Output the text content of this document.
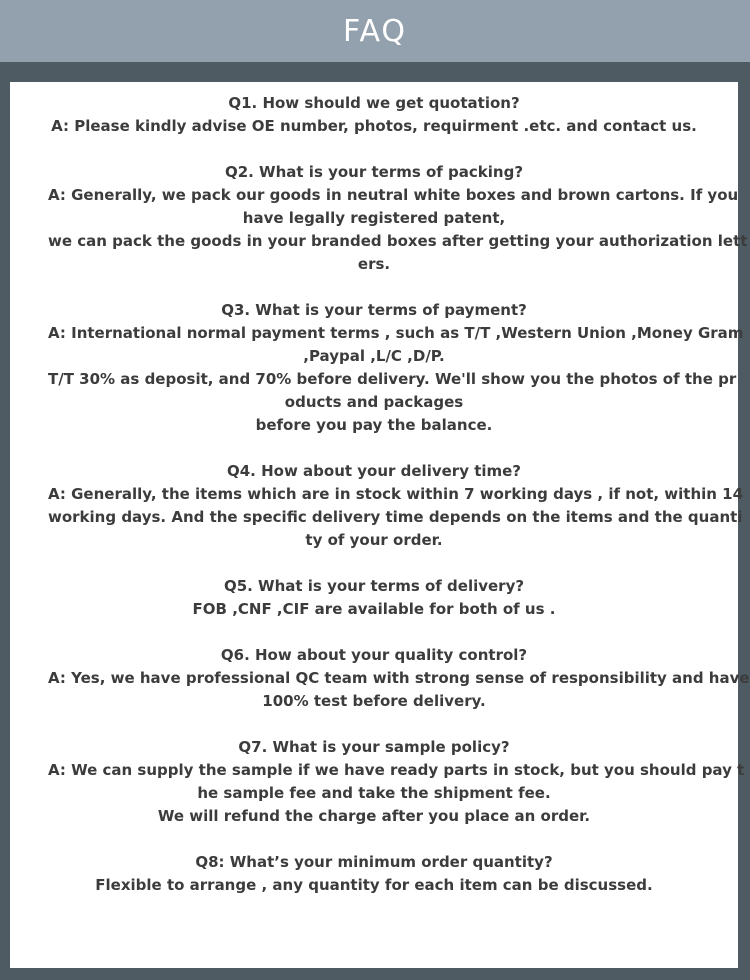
FAQ
Q1. How should we get quotation?
A: Please kindly advise OE number, photos, requirment .etc. and contact us.
Q2. What is your terms of packing?
A: Generally, we pack our goods in neutral white boxes and brown cartons. If you
have legally registered patent,
we can pack the goods in your branded boxes after getting your authorization lett
ers.
Q3. What is your terms of payment?
A: International normal payment terms , such as T/T ,Western Union ,Money Gram
,Paypal ,L/C ,D/P.
T/T 30% as deposit, and 70% before delivery. We'll show you the photos of the pr
oducts and packages
before you pay the balance.
Q4. How about your delivery time?
A: Generally, the items which are in stock within 7 working days , if not, within 14
working days. And the specific delivery time depends on the items and the quanti
ty of your order.
Q5. What is your terms of delivery?
FOB ,CNF ,CIF are available for both of us .
Q6. How about your quality control?
A: Yes, we have professional QC team with strong sense of responsibility and have
100% test before delivery.
Q7. What is your sample policy?
A: We can supply the sample if we have ready parts in stock, but you should pay t
he sample fee and take the shipment fee.
We will refund the charge after you place an order.
Q8: What’s your minimum order quantity?
Flexible to arrange , any quantity for each item can be discussed.
